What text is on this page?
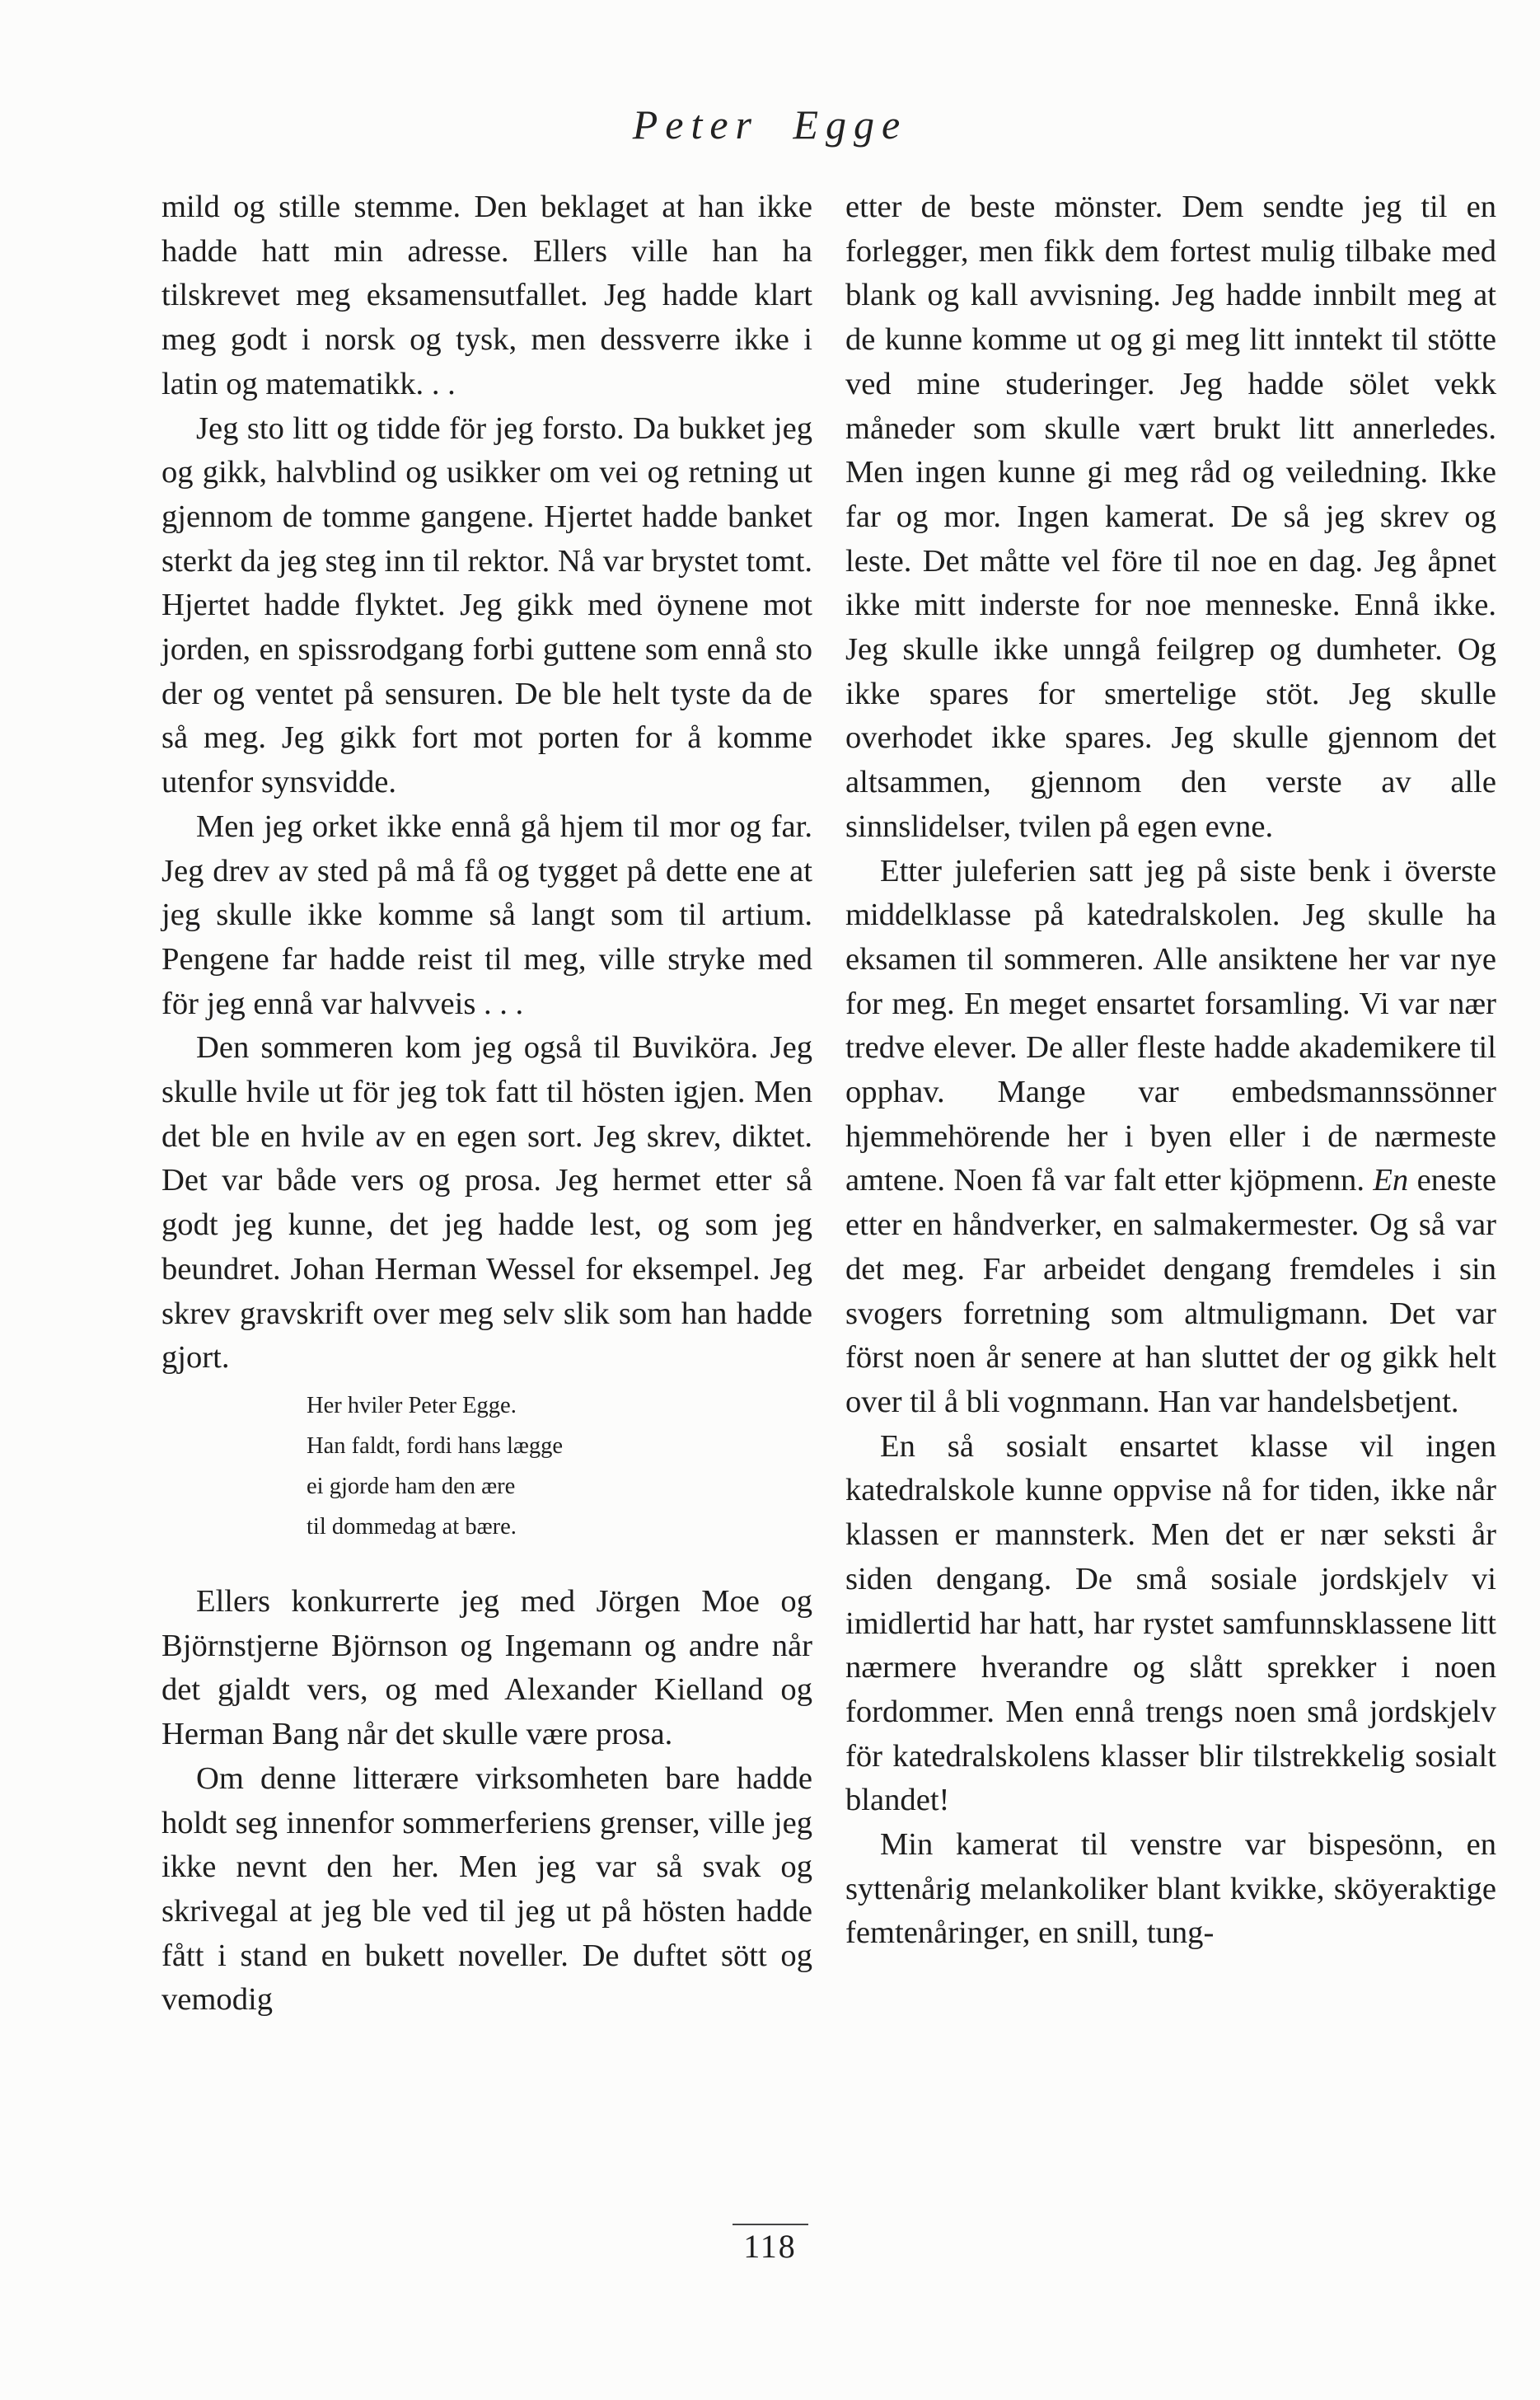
Peter Egge

mild og stille stemme. Den beklaget at han ikke hadde hatt min adresse. Ellers ville han ha tilskrevet meg eksamensutfallet. Jeg hadde klart meg godt i norsk og tysk, men dessverre ikke i latin og matematikk. . .

Jeg sto litt og tidde för jeg forsto. Da bukket jeg og gikk, halvblind og usikker om vei og retning ut gjennom de tomme gangene. Hjertet hadde banket sterkt da jeg steg inn til rektor. Nå var brystet tomt. Hjertet hadde flyktet. Jeg gikk med öynene mot jorden, en spissrodgang forbi guttene som ennå sto der og ventet på sensuren. De ble helt tyste da de så meg. Jeg gikk fort mot porten for å komme utenfor synsvidde.

Men jeg orket ikke ennå gå hjem til mor og far. Jeg drev av sted på må få og tygget på dette ene at jeg skulle ikke komme så langt som til artium. Pengene far hadde reist til meg, ville stryke med för jeg ennå var halvveis . . .

Den sommeren kom jeg også til Buviköra. Jeg skulle hvile ut för jeg tok fatt til hösten igjen. Men det ble en hvile av en egen sort. Jeg skrev, diktet. Det var både vers og prosa. Jeg hermet etter så godt jeg kunne, det jeg hadde lest, og som jeg beundret. Johan Herman Wessel for eksempel. Jeg skrev gravskrift over meg selv slik som han hadde gjort.

Her hviler Peter Egge.
Han faldt, fordi hans lægge
ei gjorde ham den ære
til dommedag at bære.

Ellers konkurrerte jeg med Jörgen Moe og Björnstjerne Björnson og Ingemann og andre når det gjaldt vers, og med Alexander Kielland og Herman Bang når det skulle være prosa.

Om denne litterære virksomheten bare hadde holdt seg innenfor sommerferiens grenser, ville jeg ikke nevnt den her. Men jeg var så svak og skrivegal at jeg ble ved til jeg ut på hösten hadde fått i stand en bukett noveller. De duftet sött og vemodig

etter de beste mönster. Dem sendte jeg til en forlegger, men fikk dem fortest mulig tilbake med blank og kall avvisning. Jeg hadde innbilt meg at de kunne komme ut og gi meg litt inntekt til stötte ved mine studeringer. Jeg hadde sölet vekk måneder som skulle vært brukt litt annerledes. Men ingen kunne gi meg råd og veiledning. Ikke far og mor. Ingen kamerat. De så jeg skrev og leste. Det måtte vel före til noe en dag. Jeg åpnet ikke mitt inderste for noe menneske. Ennå ikke. Jeg skulle ikke unngå feilgrep og dumheter. Og ikke spares for smertelige stöt. Jeg skulle overhodet ikke spares. Jeg skulle gjennom det altsammen, gjennom den verste av alle sinnslidelser, tvilen på egen evne.

Etter juleferien satt jeg på siste benk i överste middelklasse på katedralskolen. Jeg skulle ha eksamen til sommeren. Alle ansiktene her var nye for meg. En meget ensartet forsamling. Vi var nær tredve elever. De aller fleste hadde akademikere til opphav. Mange var embedsmannssönner hjemmehörende her i byen eller i de nærmeste amtene. Noen få var falt etter kjöpmenn. En eneste etter en håndverker, en salmakermester. Og så var det meg. Far arbeidet dengang fremdeles i sin svogers forretning som altmuligmann. Det var först noen år senere at han sluttet der og gikk helt over til å bli vognmann. Han var handelsbetjent.

En så sosialt ensartet klasse vil ingen katedralskole kunne oppvise nå for tiden, ikke når klassen er mannsterk. Men det er nær seksti år siden dengang. De små sosiale jordskjelv vi imidlertid har hatt, har rystet samfunnsklassene litt nærmere hverandre og slått sprekker i noen fordommer. Men ennå trengs noen små jordskjelv för katedralskolens klasser blir tilstrekkelig sosialt blandet!

Min kamerat til venstre var bispesönn, en syttenårig melankoliker blant kvikke, sköyeraktige femtenåringer, en snill, tung-

118
